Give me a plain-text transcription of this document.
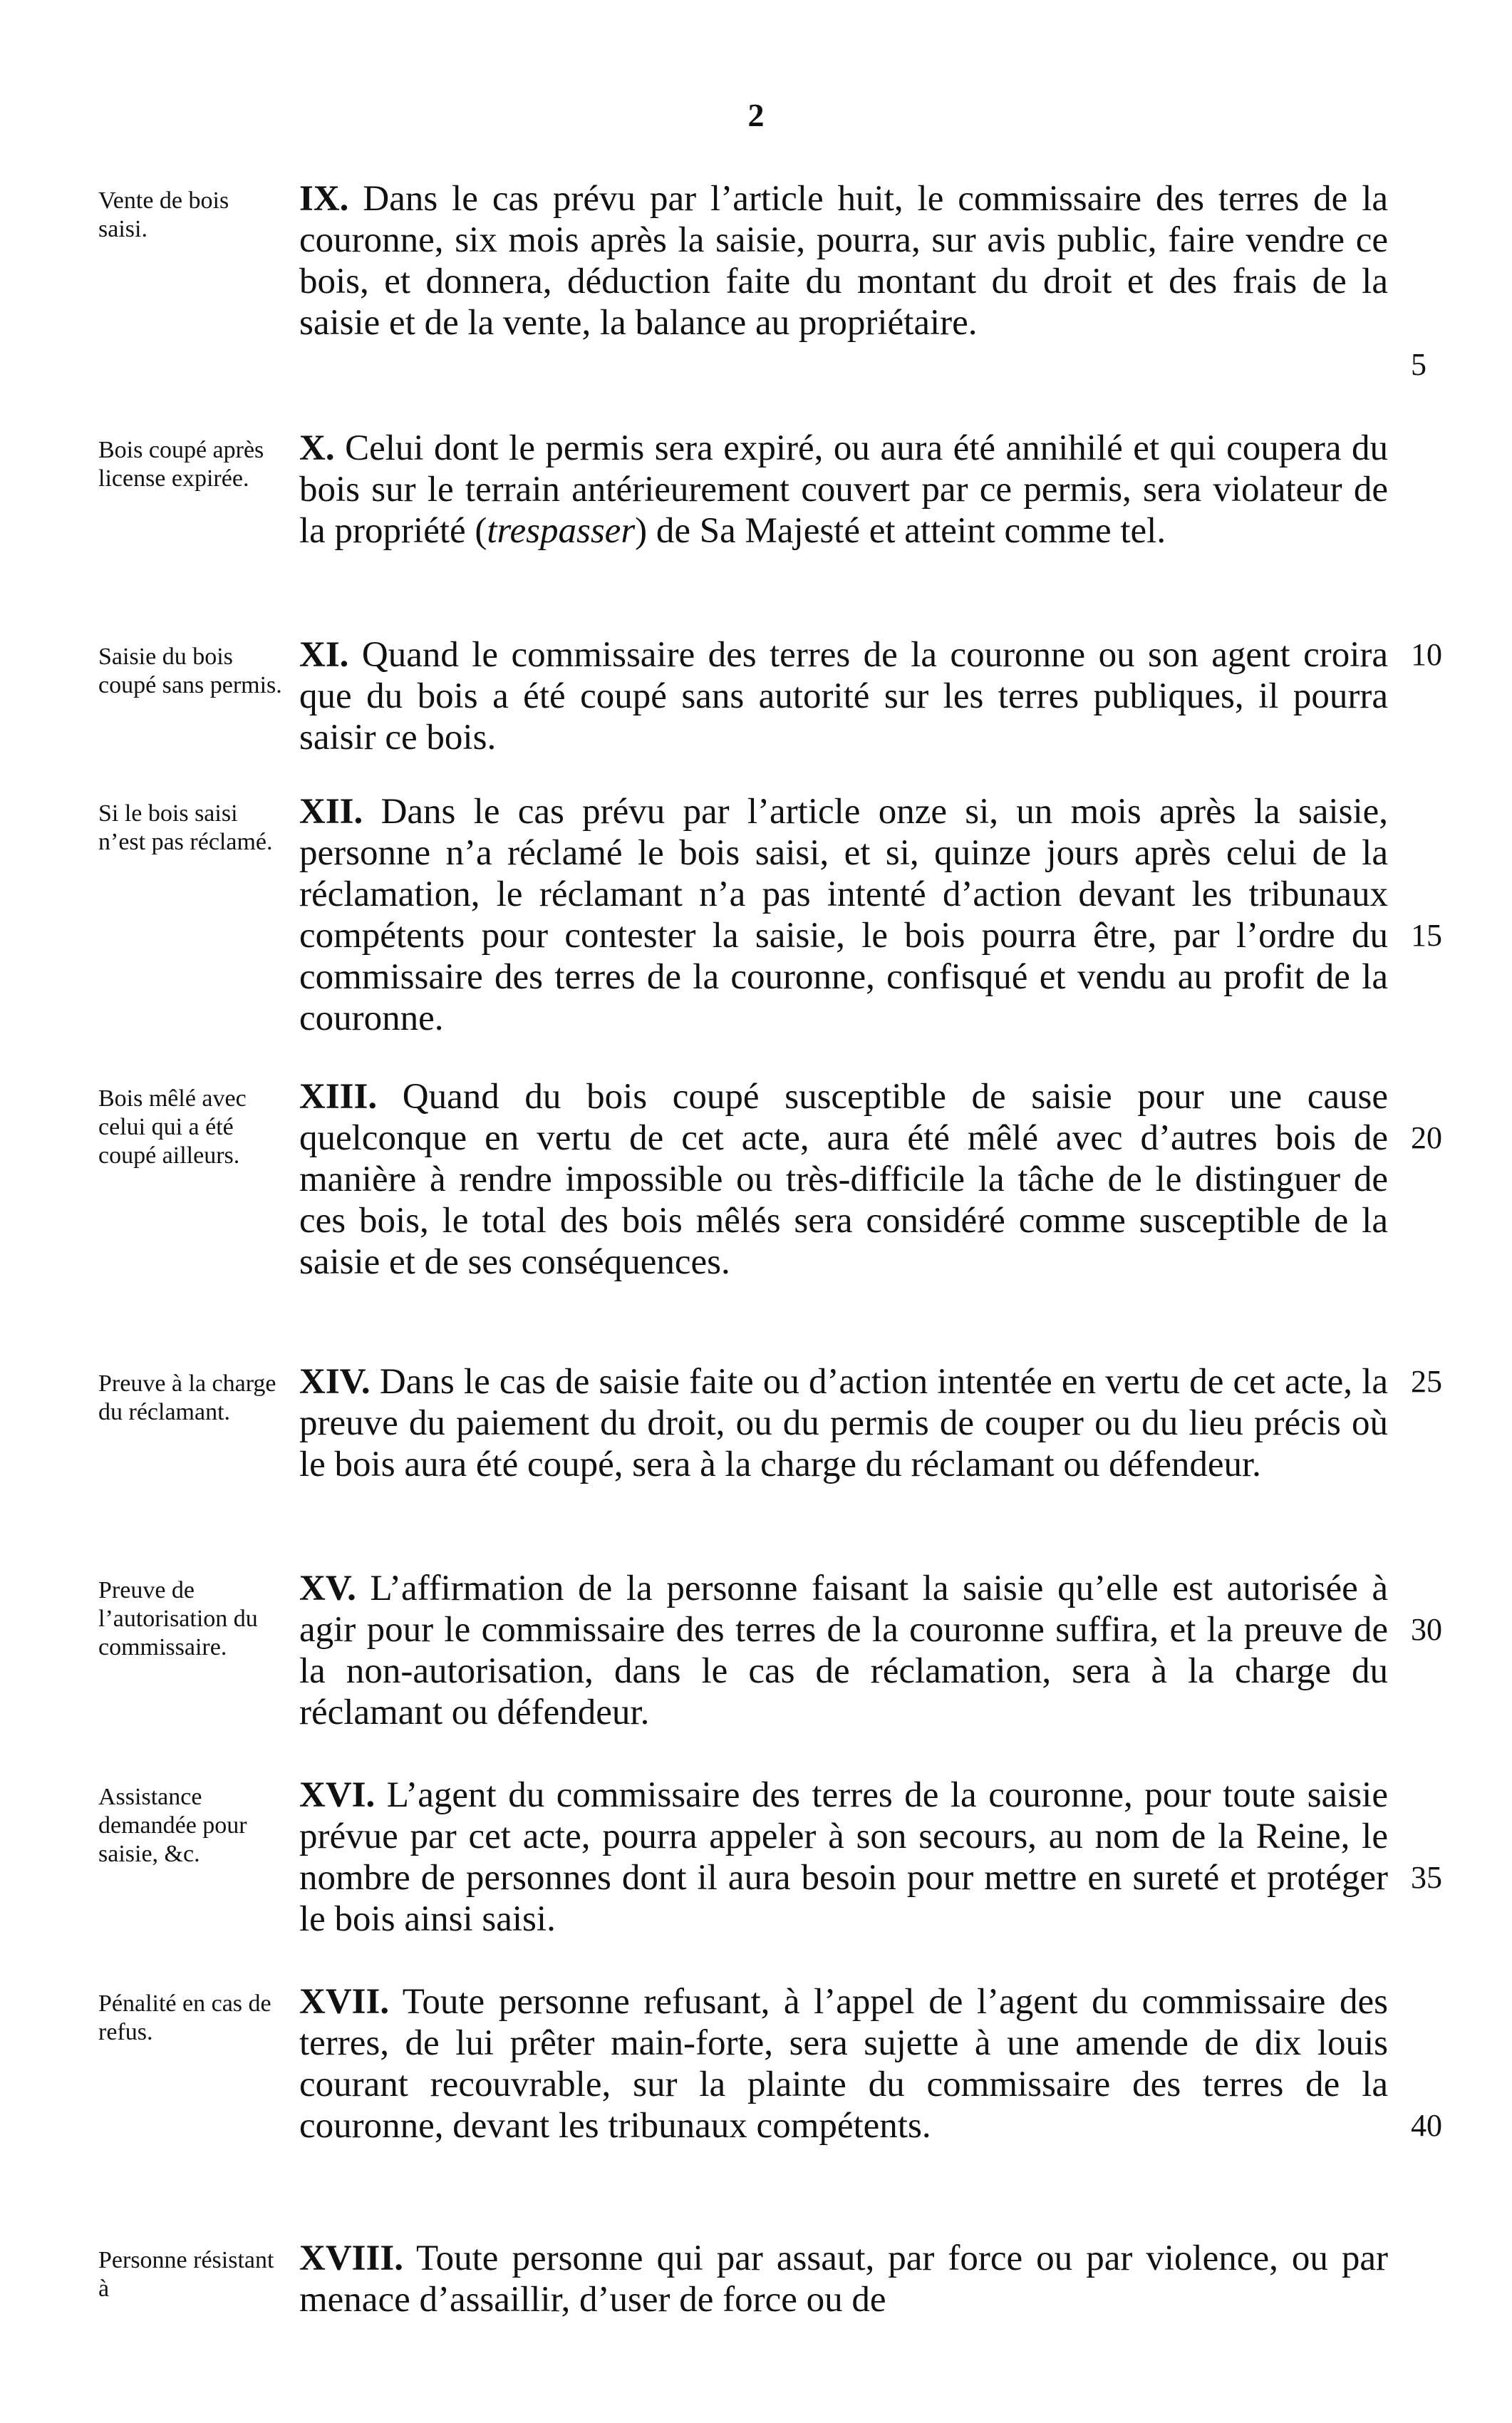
2
Vente de bois saisi.
IX. Dans le cas prévu par l’article huit, le commissaire des terres de la couronne, six mois après la saisie, pourra, sur avis public, faire vendre ce bois, et donnera, déduction faite du montant du droit et des frais de la saisie et de la vente, la balance au propriétaire.
Bois coupé après license expirée.
X. Celui dont le permis sera expiré, ou aura été annihilé et qui coupera du bois sur le terrain antérieurement couvert par ce permis, sera violateur de la propriété (trespasser) de Sa Majesté et atteint comme tel.
Saisie du bois coupé sans permis.
XI. Quand le commissaire des terres de la couronne ou son agent croira que du bois a été coupé sans autorité sur les terres publiques, il pourra saisir ce bois.
Si le bois saisi n’est pas réclamé.
XII. Dans le cas prévu par l’article onze si, un mois après la saisie, personne n’a réclamé le bois saisi, et si, quinze jours après celui de la réclamation, le réclamant n’a pas intenté d’action devant les tribunaux compétents pour contester la saisie, le bois pourra être, par l’ordre du commissaire des terres de la couronne, confisqué et vendu au profit de la couronne.
Bois mêlé avec celui qui a été coupé ailleurs.
XIII. Quand du bois coupé susceptible de saisie pour une cause quelconque en vertu de cet acte, aura été mêlé avec d’autres bois de manière à rendre impossible ou très-difficile la tâche de le distinguer de ces bois, le total des bois mêlés sera considéré comme susceptible de la saisie et de ses conséquences.
Preuve à la charge du réclamant.
XIV. Dans le cas de saisie faite ou d’action intentée en vertu de cet acte, la preuve du paiement du droit, ou du permis de couper ou du lieu précis où le bois aura été coupé, sera à la charge du réclamant ou défendeur.
Preuve de l’autorisation du commissaire.
XV. L’affirmation de la personne faisant la saisie qu’elle est autorisée à agir pour le commissaire des terres de la couronne suffira, et la preuve de la non-autorisation, dans le cas de réclamation, sera à la charge du réclamant ou défendeur.
Assistance demandée pour saisie, &c.
XVI. L’agent du commissaire des terres de la couronne, pour toute saisie prévue par cet acte, pourra appeler à son secours, au nom de la Reine, le nombre de personnes dont il aura besoin pour mettre en sureté et protéger le bois ainsi saisi.
Pénalité en cas de refus.
XVII. Toute personne refusant, à l’appel de l’agent du commissaire des terres, de lui prêter main-forte, sera sujette à une amende de dix louis courant recouvrable, sur la plainte du commissaire des terres de la couronne, devant les tribunaux compétents.
Personne résistant à
XVIII. Toute personne qui par assaut, par force ou par violence, ou par menace d’assaillir, d’user de force ou de
5
10
15
20
25
30
35
40
